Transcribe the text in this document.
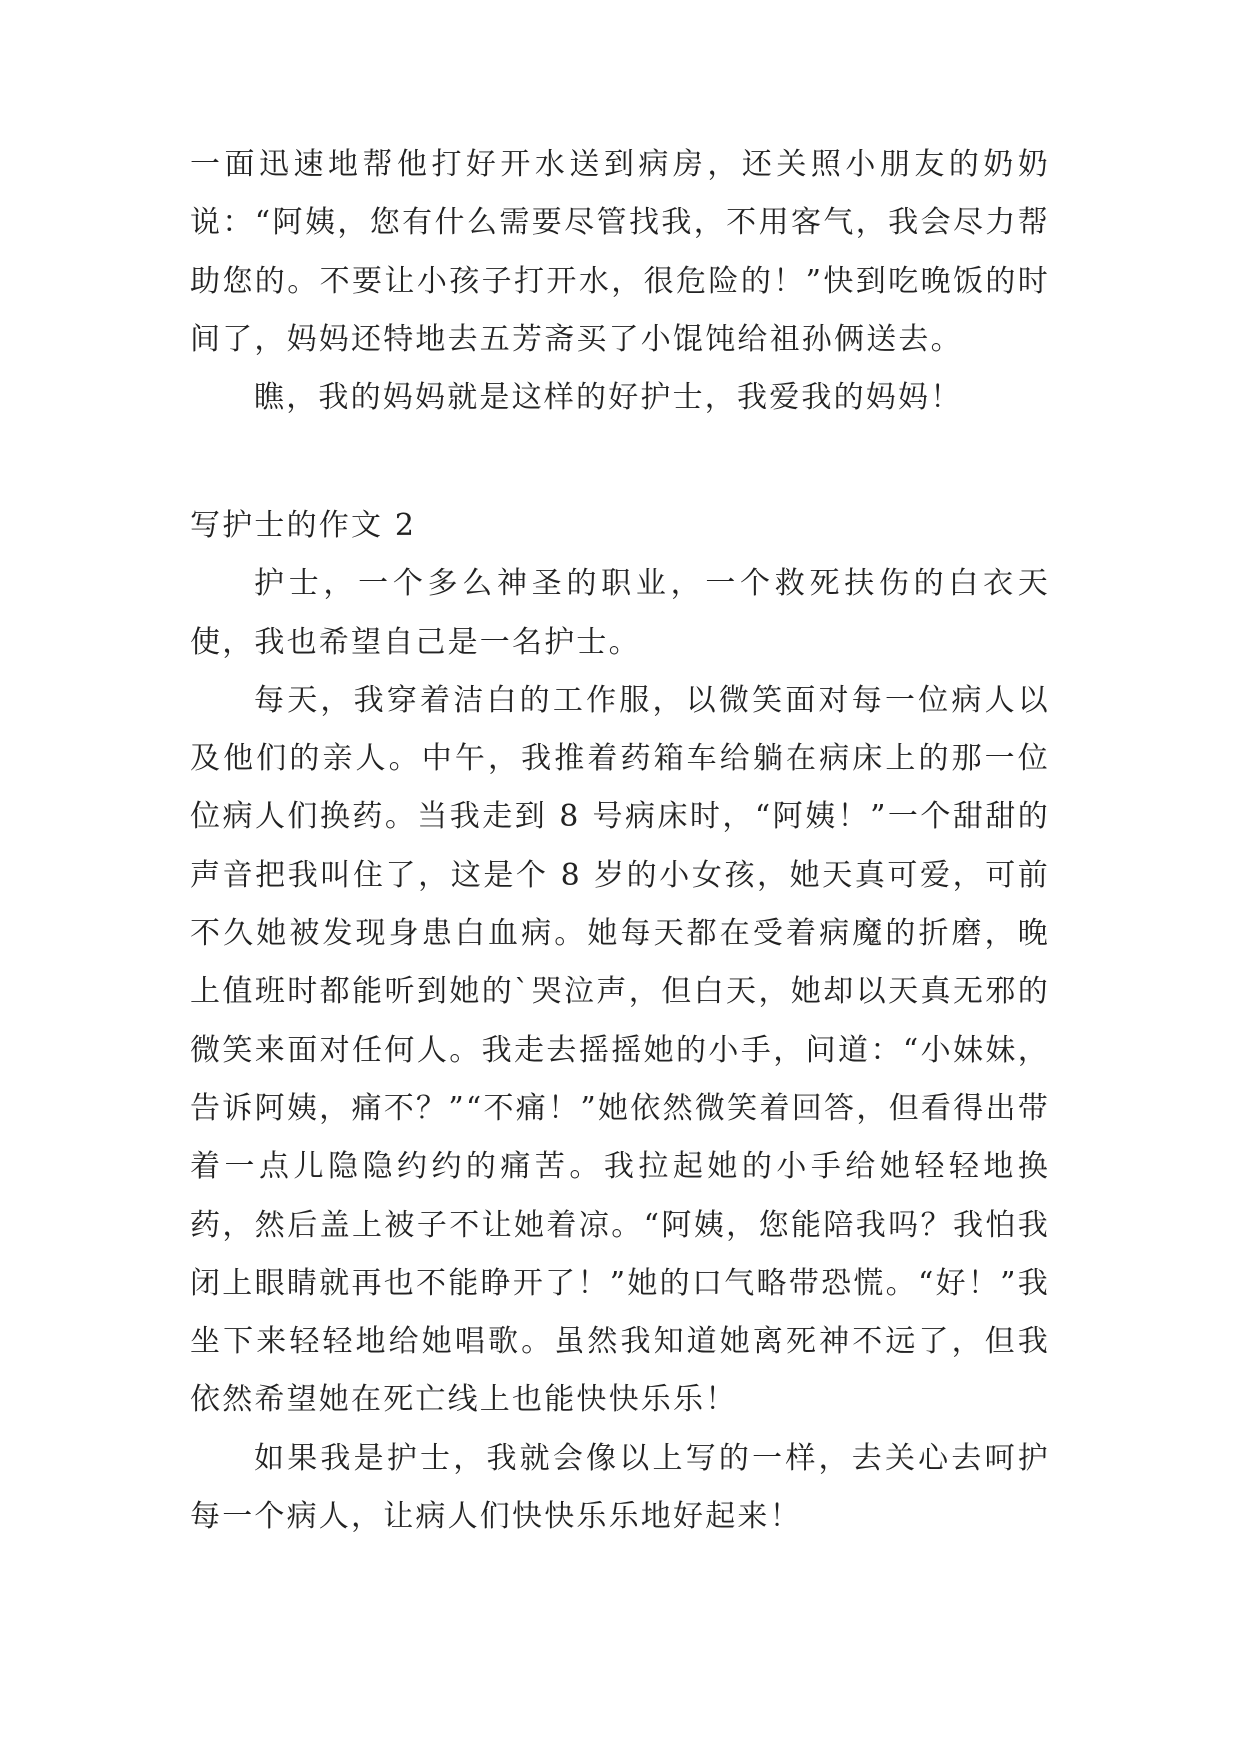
一面迅速地帮他打好开水送到病房，还关照小朋友的奶奶说：“阿姨，您有什么需要尽管找我，不用客气，我会尽力帮助您的。不要让小孩子打开水，很危险的！”快到吃晚饭的时间了，妈妈还特地去五芳斋买了小馄饨给祖孙俩送去。

瞧，我的妈妈就是这样的好护士，我爱我的妈妈！

写护士的作文 2

护士，一个多么神圣的职业，一个救死扶伤的白衣天使，我也希望自己是一名护士。

每天，我穿着洁白的工作服，以微笑面对每一位病人以及他们的亲人。中午，我推着药箱车给躺在病床上的那一位位病人们换药。当我走到 8 号病床时，“阿姨！”一个甜甜的声音把我叫住了，这是个 8 岁的小女孩，她天真可爱，可前不久她被发现身患白血病。她每天都在受着病魔的折磨，晚上值班时都能听到她的`哭泣声，但白天，她却以天真无邪的微笑来面对任何人。我走去摇摇她的小手，问道：“小妹妹，告诉阿姨，痛不？”“不痛！”她依然微笑着回答，但看得出带着一点儿隐隐约约的痛苦。我拉起她的小手给她轻轻地换药，然后盖上被子不让她着凉。“阿姨，您能陪我吗？我怕我闭上眼睛就再也不能睁开了！”她的口气略带恐慌。“好！”我坐下来轻轻地给她唱歌。虽然我知道她离死神不远了，但我依然希望她在死亡线上也能快快乐乐！

如果我是护士，我就会像以上写的一样，去关心去呵护每一个病人，让病人们快快乐乐地好起来！
